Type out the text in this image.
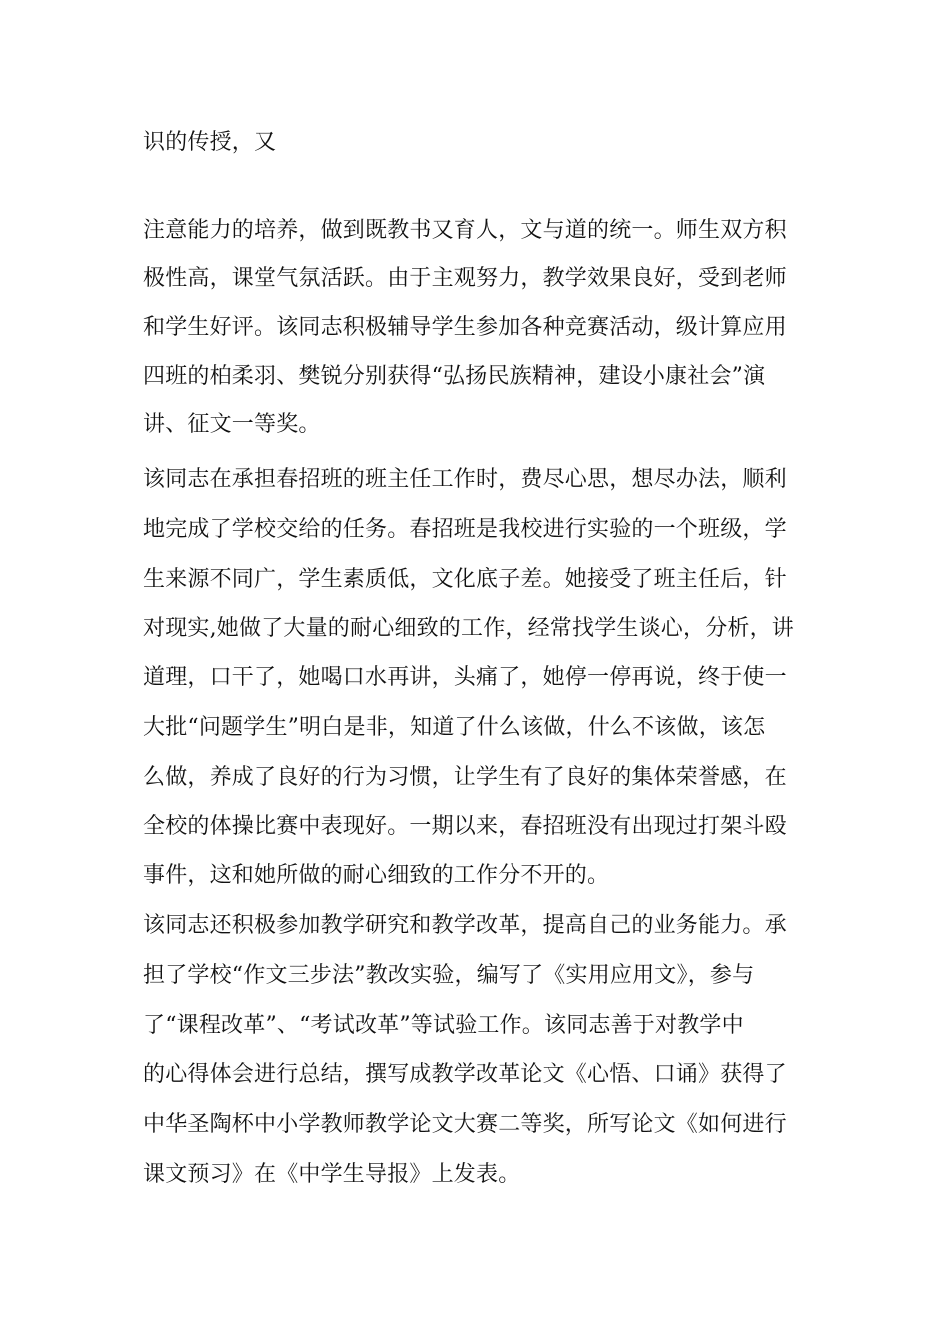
识的传授，又
注意能力的培养，做到既教书又育人，文与道的统一。师生双方积
极性高，课堂气氛活跃。由于主观努力，教学效果良好，受到老师
和学生好评。该同志积极辅导学生参加各种竞赛活动，级计算应用
四班的柏柔羽、樊锐分别获得“弘扬民族精神，建设小康社会”演
讲、征文一等奖。
该同志在承担春招班的班主任工作时，费尽心思，想尽办法，顺利
地完成了学校交给的任务。春招班是我校进行实验的一个班级，学
生来源不同广，学生素质低，文化底子差。她接受了班主任后，针
对现实,她做了大量的耐心细致的工作，经常找学生谈心，分析，讲
道理，口干了，她喝口水再讲，头痛了，她停一停再说，终于使一
大批“问题学生”明白是非，知道了什么该做，什么不该做，该怎
么做，养成了良好的行为习惯，让学生有了良好的集体荣誉感，在
全校的体操比赛中表现好。一期以来，春招班没有出现过打架斗殴
事件，这和她所做的耐心细致的工作分不开的。
该同志还积极参加教学研究和教学改革，提高自己的业务能力。承
担了学校“作文三步法”教改实验，编写了《实用应用文》，参与
了“课程改革”、“考试改革”等试验工作。该同志善于对教学中
的心得体会进行总结，撰写成教学改革论文《心悟、口诵》获得了
中华圣陶杯中小学教师教学论文大赛二等奖，所写论文《如何进行
课文预习》在《中学生导报》上发表。
